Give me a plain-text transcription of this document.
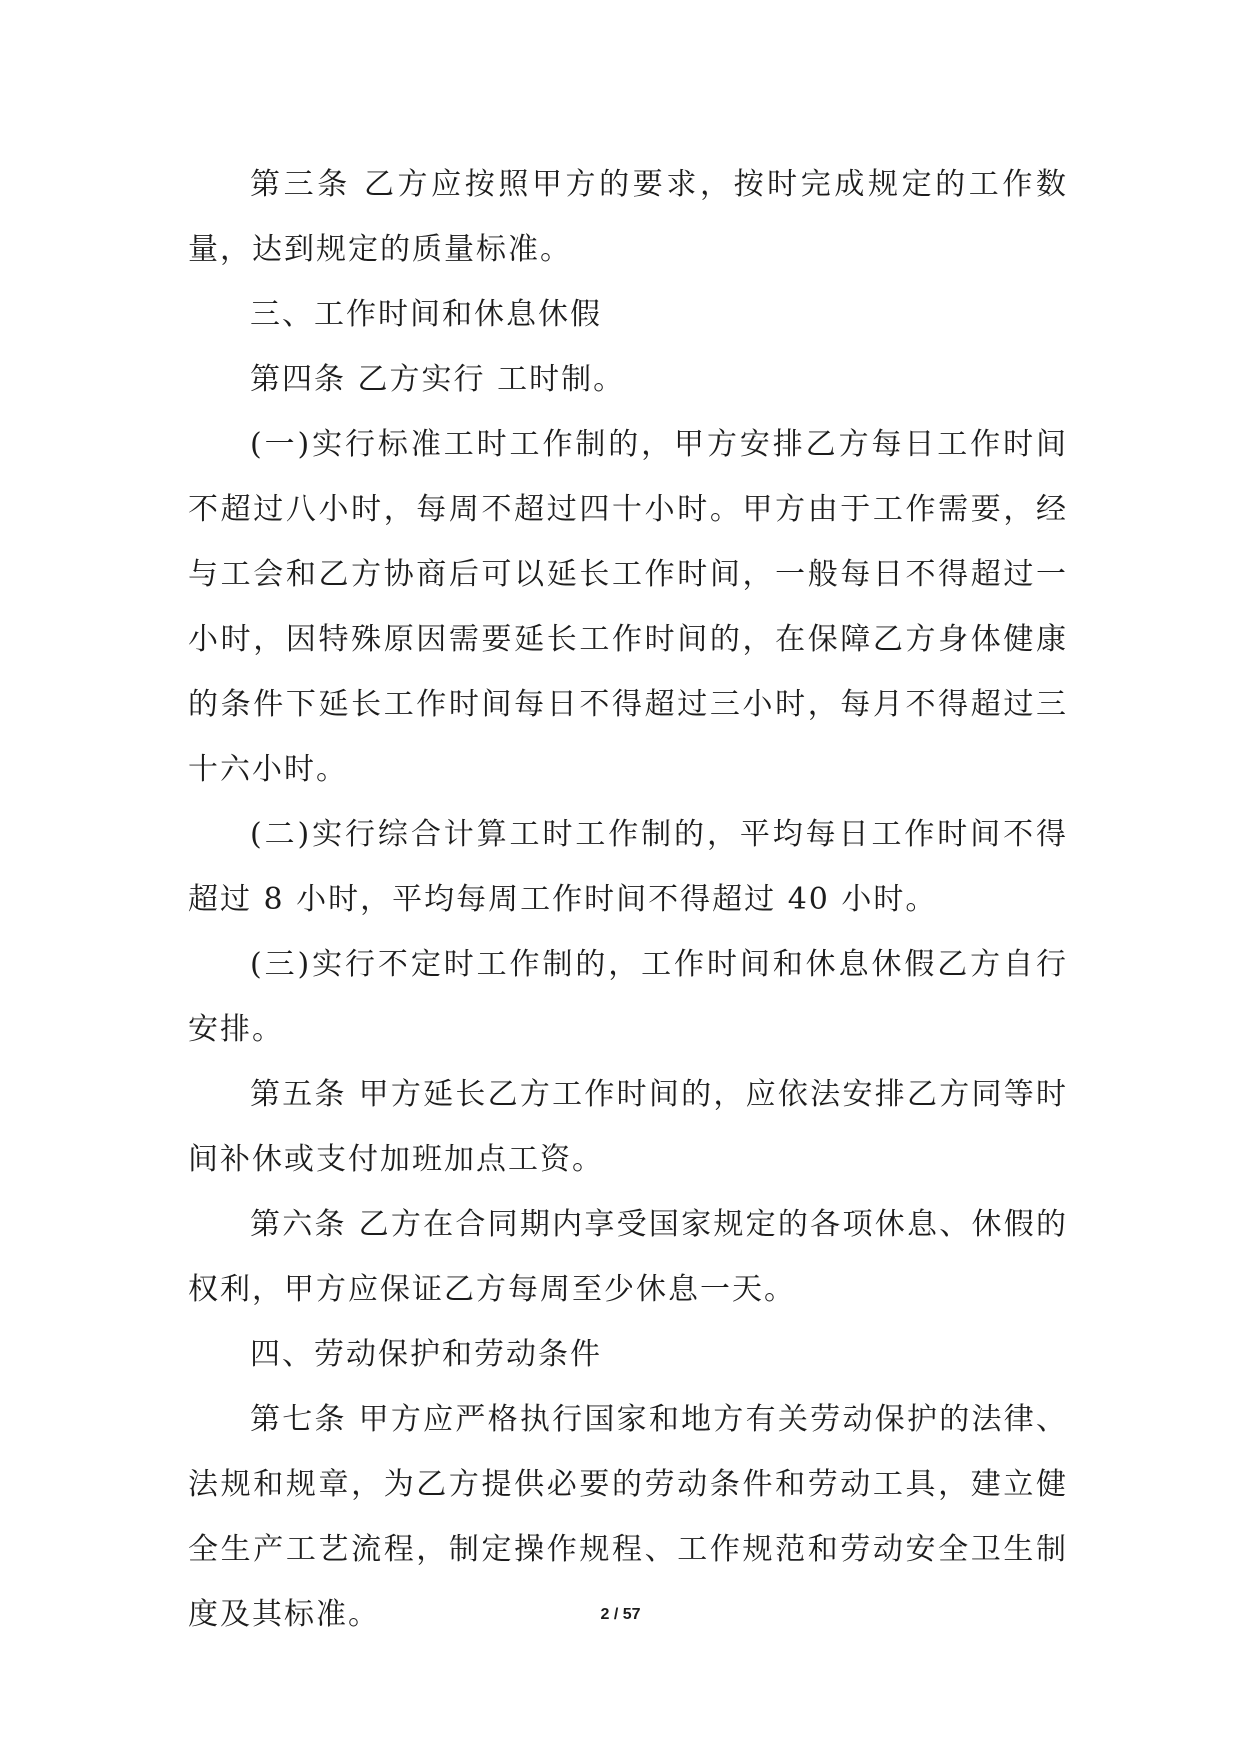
第三条 乙方应按照甲方的要求，按时完成规定的工作数量，达到规定的质量标准。

三、工作时间和休息休假

第四条 乙方实行 工时制。

(一)实行标准工时工作制的，甲方安排乙方每日工作时间不超过八小时，每周不超过四十小时。甲方由于工作需要，经与工会和乙方协商后可以延长工作时间，一般每日不得超过一小时，因特殊原因需要延长工作时间的，在保障乙方身体健康的条件下延长工作时间每日不得超过三小时，每月不得超过三十六小时。

(二)实行综合计算工时工作制的，平均每日工作时间不得超过 8 小时，平均每周工作时间不得超过 40 小时。

(三)实行不定时工作制的，工作时间和休息休假乙方自行安排。

第五条 甲方延长乙方工作时间的，应依法安排乙方同等时间补休或支付加班加点工资。

第六条 乙方在合同期内享受国家规定的各项休息、休假的权利，甲方应保证乙方每周至少休息一天。

四、劳动保护和劳动条件

第七条 甲方应严格执行国家和地方有关劳动保护的法律、法规和规章，为乙方提供必要的劳动条件和劳动工具，建立健全生产工艺流程，制定操作规程、工作规范和劳动安全卫生制度及其标准。	2 / 57
